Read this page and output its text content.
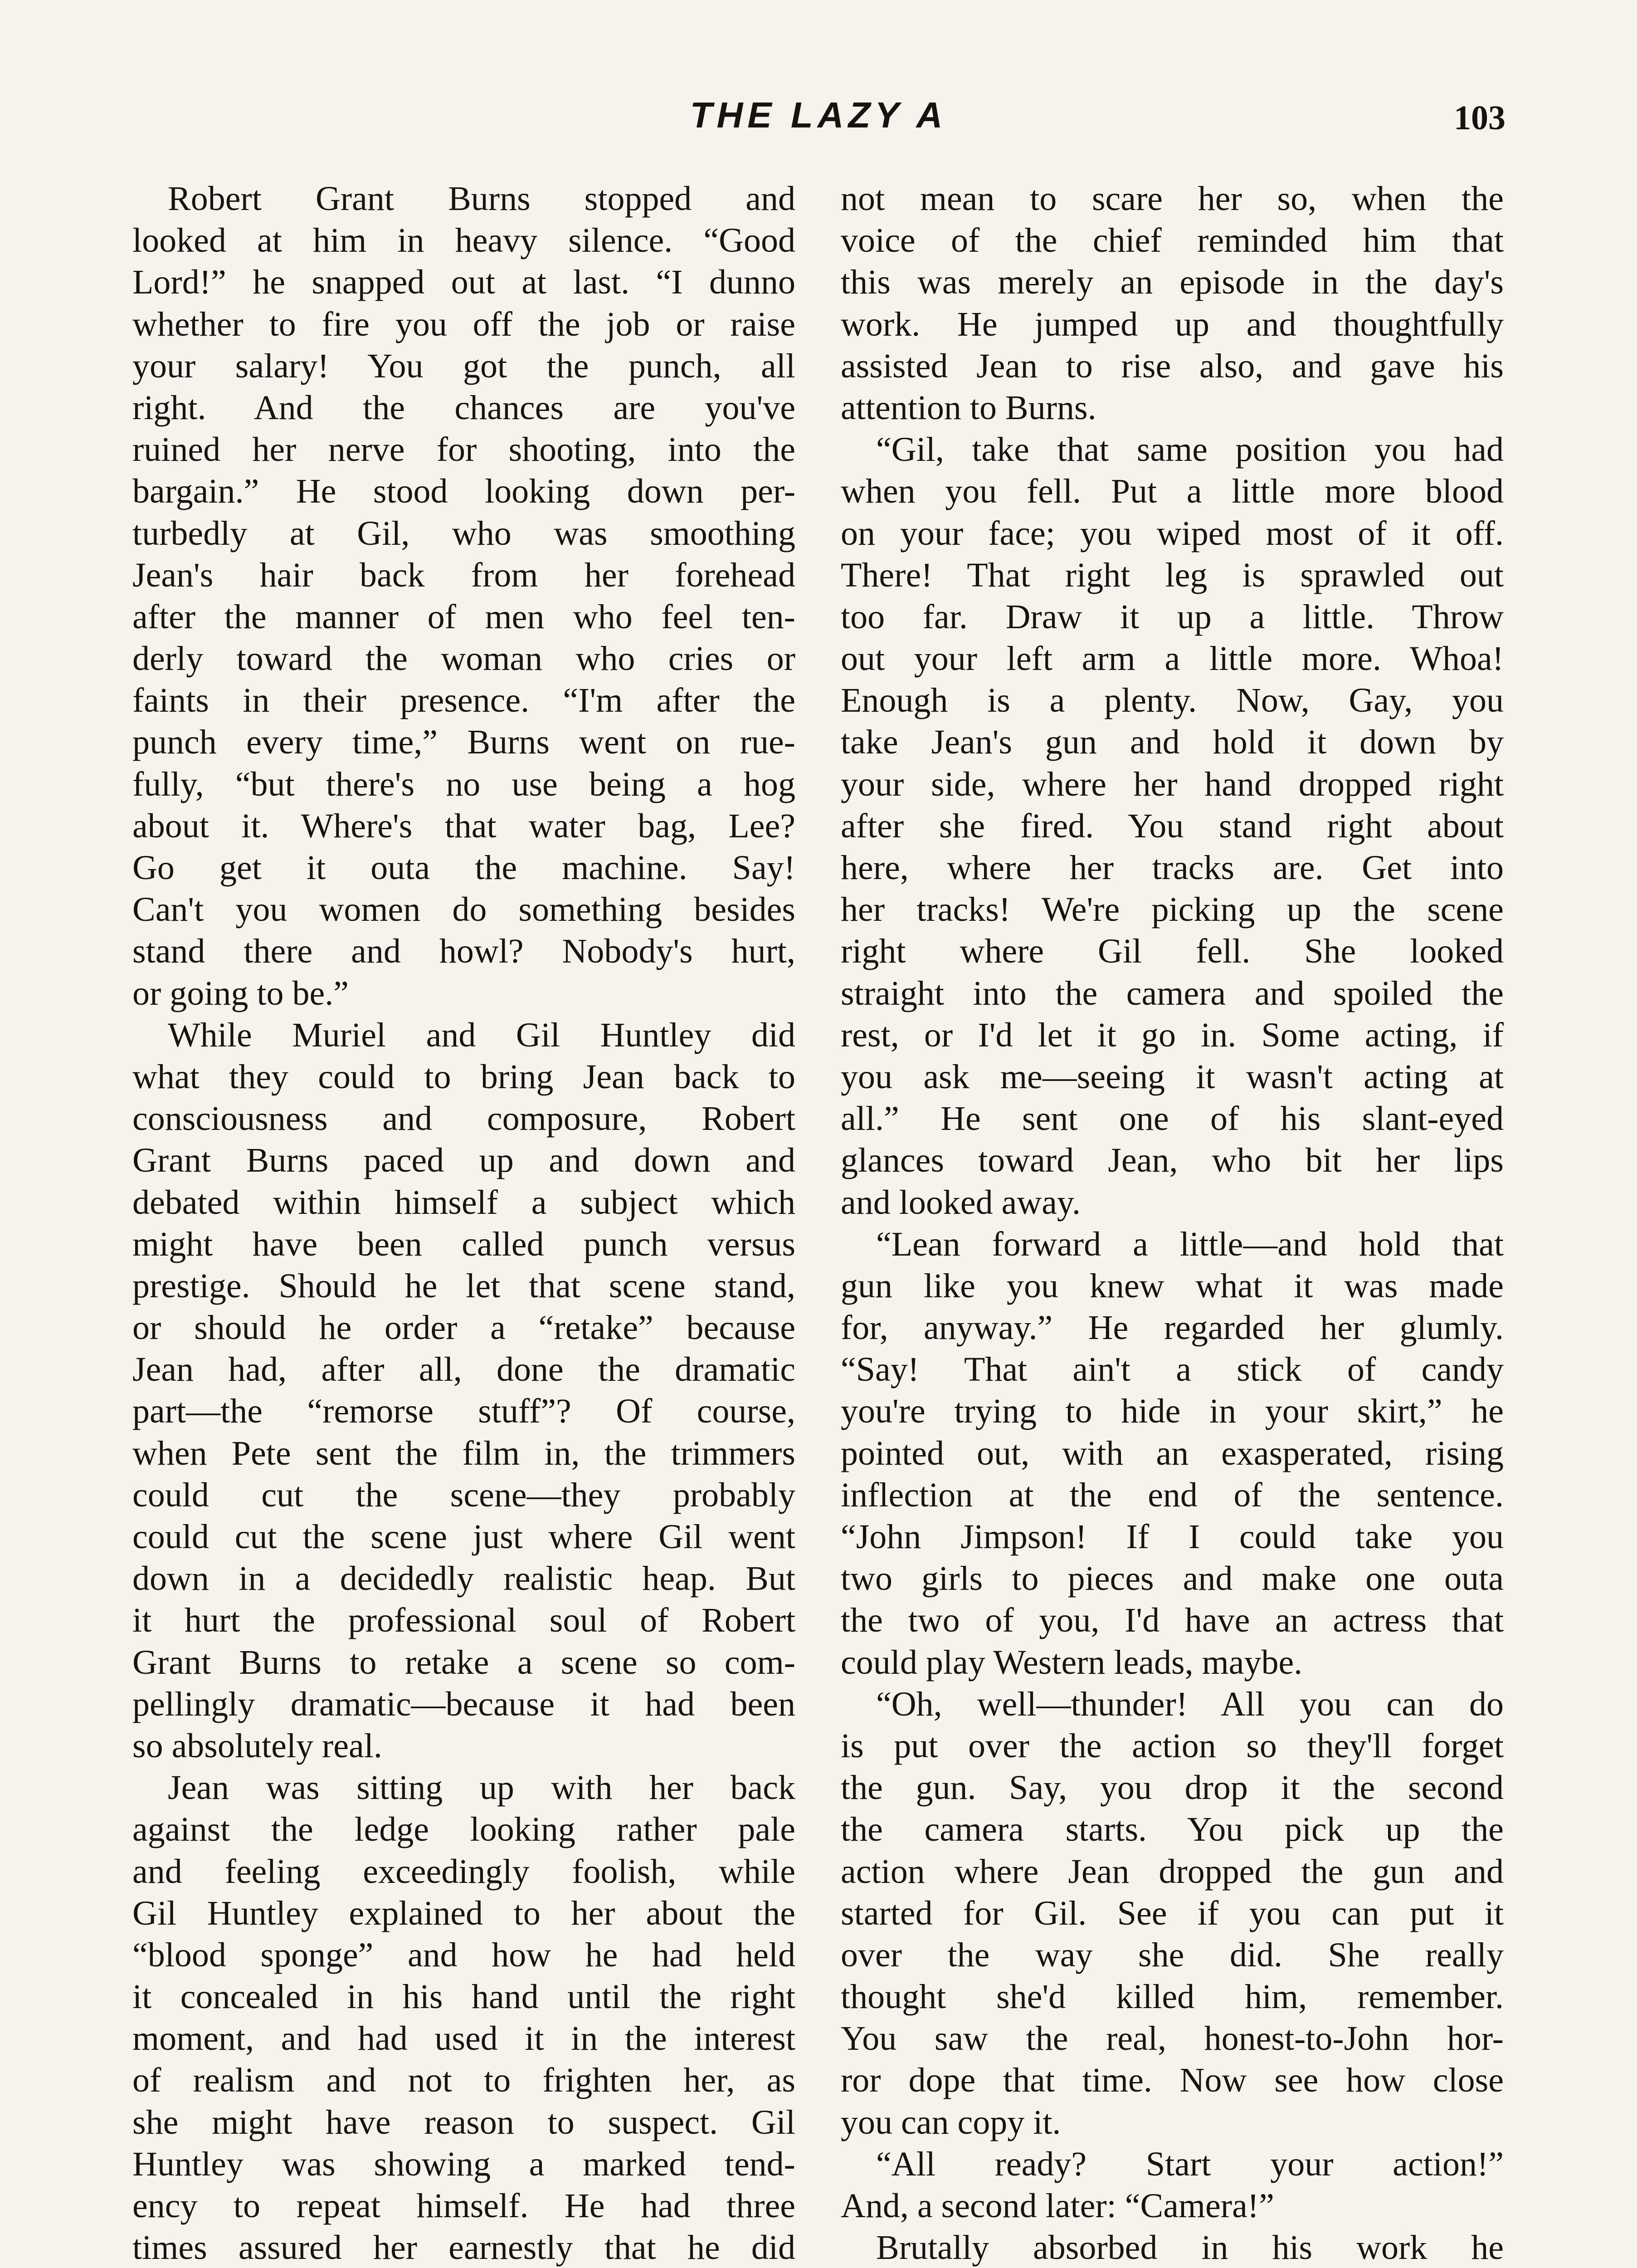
THE LAZY A	103
Robert Grant Burns stopped and
looked at him in heavy silence. “Good
Lord!” he snapped out at last. “I dunno
whether to fire you off the job or raise
your salary! You got the punch, all
right. And the chances are you've
ruined her nerve for shooting, into the
bargain.” He stood looking down per-
turbedly at Gil, who was smoothing
Jean's hair back from her forehead
after the manner of men who feel ten-
derly toward the woman who cries or
faints in their presence. “I'm after the
punch every time,” Burns went on rue-
fully, “but there's no use being a hog
about it. Where's that water bag, Lee?
Go get it outa the machine. Say!
Can't you women do something besides
stand there and howl? Nobody's hurt,
or going to be.”
While Muriel and Gil Huntley did
what they could to bring Jean back to
consciousness and composure, Robert
Grant Burns paced up and down and
debated within himself a subject which
might have been called punch versus
prestige. Should he let that scene stand,
or should he order a “retake” because
Jean had, after all, done the dramatic
part—the “remorse stuff”? Of course,
when Pete sent the film in, the trimmers
could cut the scene—they probably
could cut the scene just where Gil went
down in a decidedly realistic heap. But
it hurt the professional soul of Robert
Grant Burns to retake a scene so com-
pellingly dramatic—because it had been
so absolutely real.
Jean was sitting up with her back
against the ledge looking rather pale
and feeling exceedingly foolish, while
Gil Huntley explained to her about the
“blood sponge” and how he had held
it concealed in his hand until the right
moment, and had used it in the interest
of realism and not to frighten her, as
she might have reason to suspect. Gil
Huntley was showing a marked tend-
ency to repeat himself. He had three
times assured her earnestly that he did
not mean to scare her so, when the
voice of the chief reminded him that
this was merely an episode in the day's
work. He jumped up and thoughtfully
assisted Jean to rise also, and gave his
attention to Burns.
“Gil, take that same position you had
when you fell. Put a little more blood
on your face; you wiped most of it off.
There! That right leg is sprawled out
too far. Draw it up a little. Throw
out your left arm a little more. Whoa!
Enough is a plenty. Now, Gay, you
take Jean's gun and hold it down by
your side, where her hand dropped right
after she fired. You stand right about
here, where her tracks are. Get into
her tracks! We're picking up the scene
right where Gil fell. She looked
straight into the camera and spoiled the
rest, or I'd let it go in. Some acting, if
you ask me—seeing it wasn't acting at
all.” He sent one of his slant-eyed
glances toward Jean, who bit her lips
and looked away.
“Lean forward a little—and hold that
gun like you knew what it was made
for, anyway.” He regarded her glumly.
“Say! That ain't a stick of candy
you're trying to hide in your skirt,” he
pointed out, with an exasperated, rising
inflection at the end of the sentence.
“John Jimpson! If I could take you
two girls to pieces and make one outa
the two of you, I'd have an actress that
could play Western leads, maybe.
“Oh, well—thunder! All you can do
is put over the action so they'll forget
the gun. Say, you drop it the second
the camera starts. You pick up the
action where Jean dropped the gun and
started for Gil. See if you can put it
over the way she did. She really
thought she'd killed him, remember.
You saw the real, honest-to-John hor-
ror dope that time. Now see how close
you can copy it.
“All ready? Start your action!”
And, a second later: “Camera!”
Brutally absorbed in his work he
